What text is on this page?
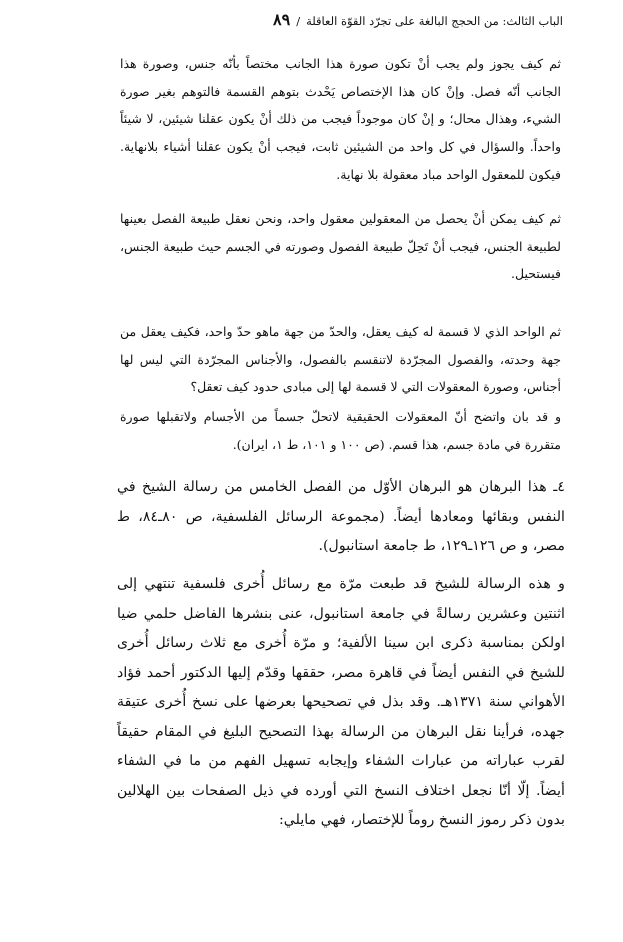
الباب الثالث: من الحجج البالغة على تجرّد القوّة العاقلة
/
٨٩

ثم كيف يجوز ولم يجب أنْ تكون صورة هذا الجانب مختصاً بأنّه جنس، وصورة هذا الجانب أنّه فصل. وإنْ كان هذا الإختصاص يَحْدث بتوهم القسمة فالتوهم بغير صورة الشيء، وهذال محال؛ و إنْ كان موجوداً فيجب من ذلك أنْ يكون عقلنا شيئين، لا شيئاً واحداً. والسؤال في كل واحد من الشيئين ثابت، فيجب أنْ يكون عقلنا أشياء بلانهاية. فيكون للمعقول الواحد مباد معقولة بلا نهاية.

ثم كيف يمكن أنْ يحصل من المعقولين معقول واحد، ونحن نعقل طبيعة الفصل بعينها لطبيعة الجنس، فيجب أنْ تَحِلّ طبيعة الفصول وصورته في الجسم حيث طبيعة الجنس، فيستحيل.

ثم الواحد الذي لا قسمة له كيف يعقل، والحدّ من جهة ماهو حدّ واحد، فكيف يعقل من جهة وحدته، والفصول المجرّدة لاتنقسم بالفصول، والأجناس المجرّدة التي ليس لها أجناس، وصورة المعقولات التي لا قسمة لها إلى مبادى حدود كيف تعقل؟

و قد بان واتضح أنّ المعقولات الحقيقية لاتحلّ جسماً من الأجسام ولاتقبلها صورة متقررة في مادة جسم، هذا قسم. (ص ١٠٠ و ١٠١، ط ١، ايران).

٤ـ هذا البرهان هو البرهان الأوّل من الفصل الخامس من رسالة الشيخ في النفس وبقائها ومعادها أيضاً. (مجموعة الرسائل الفلسفية، ص ٨٠ـ٨٤، ط مصر، و ص ١٢٦ـ١٢٩، ط جامعة استانبول).

و هذه الرسالة للشيخ قد طبعت مرّة مع رسائل أُخرى فلسفية تنتهي إلى اثنتين وعشرين رسالةً في جامعة استانبول، عنى بنشرها الفاضل حلمي ضيا اولكن بمناسبة ذكرى ابن سينا الألفية؛ و مرّة أُخرى مع ثلاث رسائل أُخرى للشيخ في النفس أيضاً في قاهرة مصر، حققها وقدّم إليها الدكتور أحمد فؤاد الأهواني سنة ١٣٧١هـ. وقد بذل في تصحيحها بعرضها على نسخ أُخرى عتيقة جهده، فرأينا نقل البرهان من الرسالة بهذا التصحيح البليغ في المقام حقيقاً لقرب عباراته من عبارات الشفاء وإيجابه تسهيل الفهم من ما في الشفاء أيضاً. إلّا أنّا نجعل اختلاف النسخ التي أورده في ذيل الصفحات بين الهلالين بدون ذكر رموز النسخ روماً للإختصار، فهي مايلي:
